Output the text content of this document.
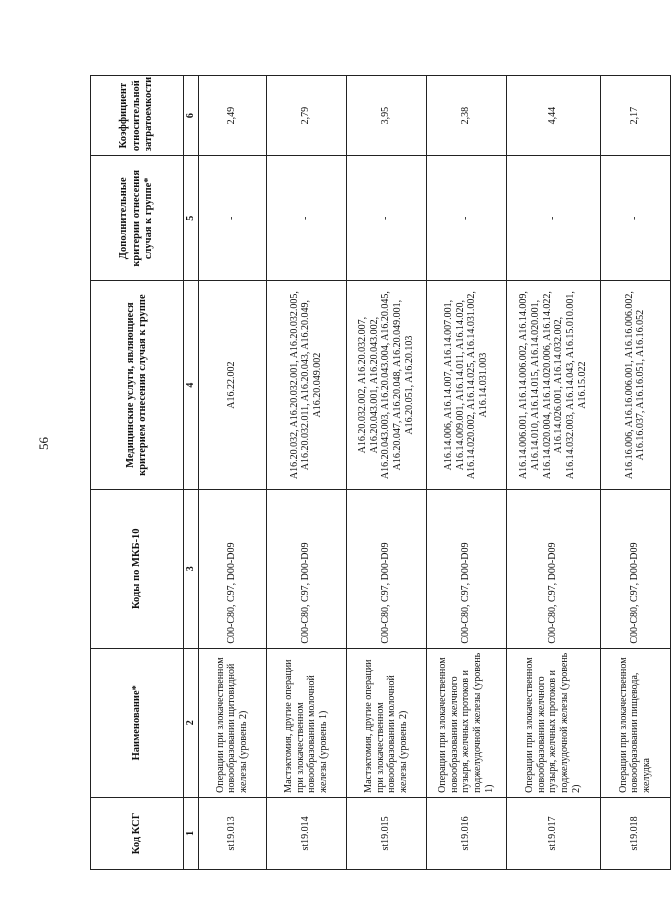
56
Код КСГ	Наименование*	Коды по МКБ-10	Медицинские услуги, являющиеся критерием отнесения случая к группе	Дополнительные критерии отнесения случая к группе*	Коэффициент относительной затратоемкости
1	2	3	4	5	6
st19.013	Операции при злокачественном новообразовании щитовидной железы (уровень 2)	C00-C80, C97, D00-D09	A16.22.002	-	2,49
st19.014	Мастэктомия, другие операции при злокачественном новообразовании молочной железы (уровень 1)	C00-C80, C97, D00-D09	A16.20.032, A16.20.032.001, A16.20.032.005, A16.20.032.011, A16.20.043, A16.20.049, A16.20.049.002	-	2,79
st19.015	Мастэктомия, другие операции при злокачественном новообразовании молочной железы (уровень 2)	C00-C80, C97, D00-D09	A16.20.032.002, A16.20.032.007, A16.20.043.001, A16.20.043.002, A16.20.043.003, A16.20.043.004, A16.20.045, A16.20.047, A16.20.048, A16.20.049.001, A16.20.051, A16.20.103	-	3,95
st19.016	Операции при злокачественном новообразовании желчного пузыря, желчных протоков и поджелудочной железы (уровень 1)	C00-C80, C97, D00-D09	A16.14.006, A16.14.007, A16.14.007.001, A16.14.009.001, A16.14.011, A16.14.020, A16.14.020.002, A16.14.025, A16.14.031.002, A16.14.031.003	-	2,38
st19.017	Операции при злокачественном новообразовании желчного пузыря, желчных протоков и поджелудочной железы (уровень 2)	C00-C80, C97, D00-D09	A16.14.006.001, A16.14.006.002, A16.14.009, A16.14.010, A16.14.015, A16.14.020.001, A16.14.020.004, A16.14.020.006, A16.14.022, A16.14.026.001, A16.14.032.002, A16.14.032.003, A16.14.043, A16.15.010.001, A16.15.022	-	4,44
st19.018	Операции при злокачественном новообразовании пищевода, желудка	C00-C80, C97, D00-D09	A16.16.006, A16.16.006.001, A16.16.006.002, A16.16.037, A16.16.051, A16.16.052	-	2,17
